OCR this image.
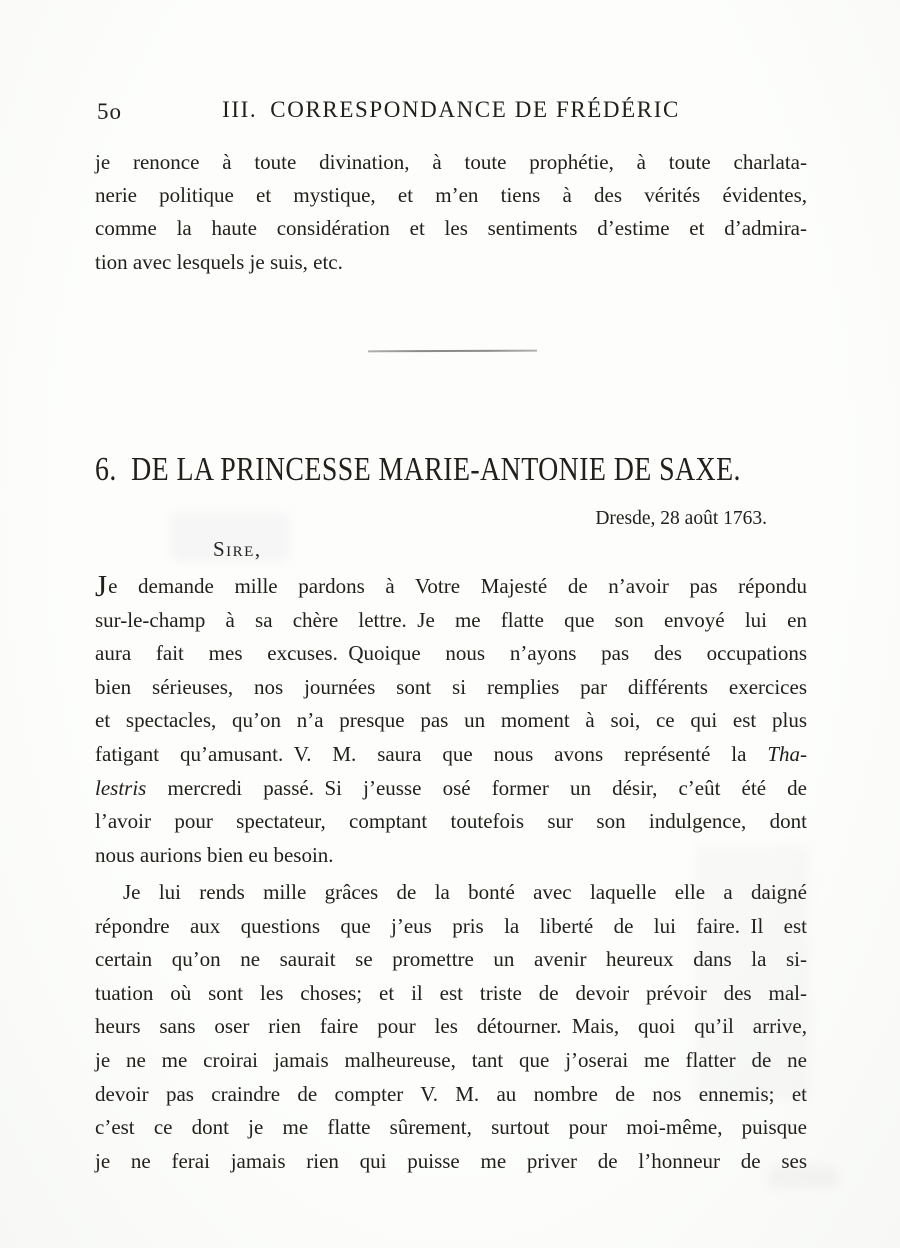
5o	III. CORRESPONDANCE DE FRÉDÉRIC
je renonce à toute divination, à toute prophétie, à toute charlata-
nerie politique et mystique, et m’en tiens à des vérités évidentes,
comme la haute considération et les sentiments d’estime et d’admira-
tion avec lesquels je suis, etc.
6. DE LA PRINCESSE MARIE-ANTONIE DE SAXE.
Dresde, 28 août 1763.
Sire,
Je demande mille pardons à Votre Majesté de n’avoir pas répondu
sur-le-champ à sa chère lettre. Je me flatte que son envoyé lui en
aura fait mes excuses. Quoique nous n’ayons pas des occupations
bien sérieuses, nos journées sont si remplies par différents exercices
et spectacles, qu’on n’a presque pas un moment à soi, ce qui est plus
fatigant qu’amusant. V. M. saura que nous avons représenté la Tha-
lestris mercredi passé. Si j’eusse osé former un désir, c’eût été de
l’avoir pour spectateur, comptant toutefois sur son indulgence, dont
nous aurions bien eu besoin.
Je lui rends mille grâces de la bonté avec laquelle elle a daigné
répondre aux questions que j’eus pris la liberté de lui faire. Il est
certain qu’on ne saurait se promettre un avenir heureux dans la si-
tuation où sont les choses; et il est triste de devoir prévoir des mal-
heurs sans oser rien faire pour les détourner. Mais, quoi qu’il arrive,
je ne me croirai jamais malheureuse, tant que j’oserai me flatter de ne
devoir pas craindre de compter V. M. au nombre de nos ennemis; et
c’est ce dont je me flatte sûrement, surtout pour moi-même, puisque
je ne ferai jamais rien qui puisse me priver de l’honneur de ses
